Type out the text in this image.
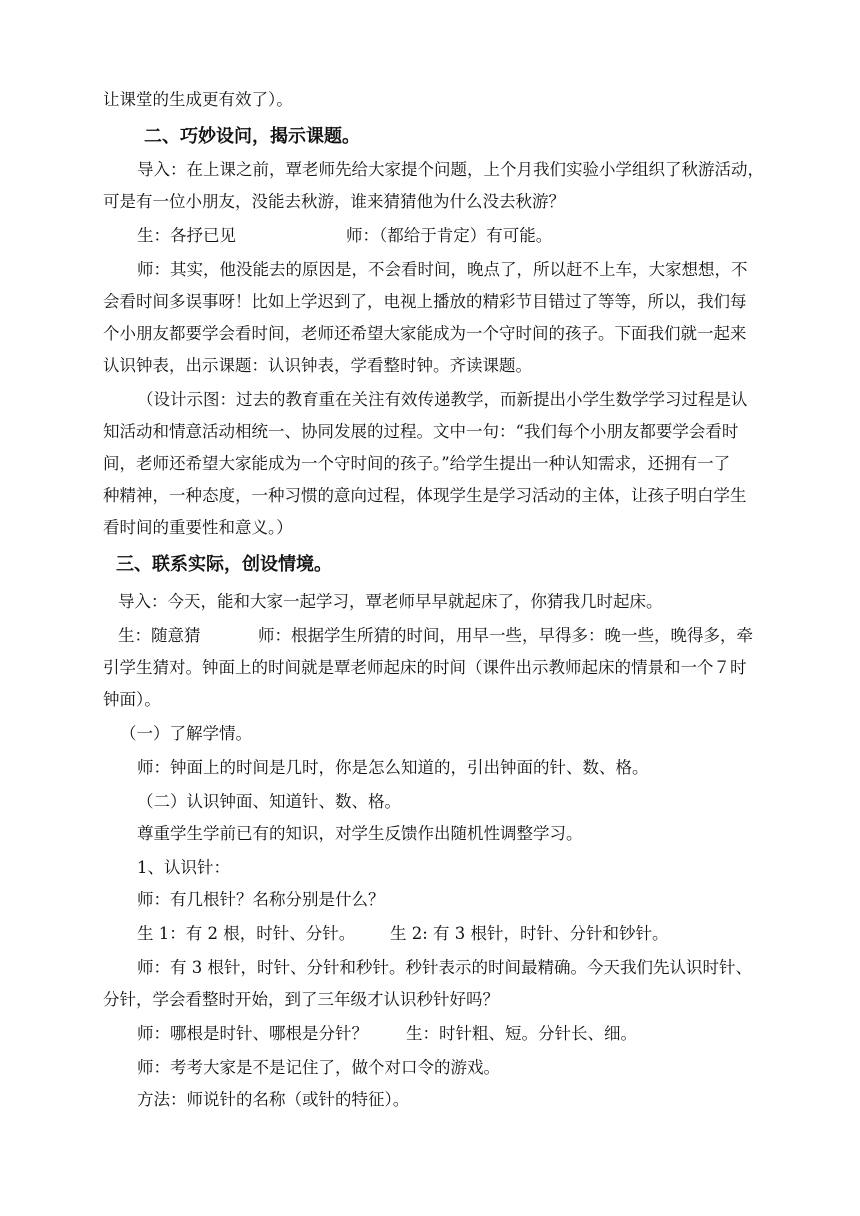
让课堂的生成更有效了）。
二、巧妙设问，揭示课题。
导入：在上课之前，覃老师先给大家提个问题，上个月我们实验小学组织了秋游活动，
可是有一位小朋友，没能去秋游，谁来猜猜他为什么没去秋游？
生：各抒已见	师：（都给于肯定）有可能。
师：其实，他没能去的原因是，不会看时间，晚点了，所以赶不上车，大家想想，不
会看时间多误事呀！比如上学迟到了，电视上播放的精彩节目错过了等等，所以，我们每
个小朋友都要学会看时间，老师还希望大家能成为一个守时间的孩子。下面我们就一起来
认识钟表，出示课题：认识钟表，学看整时钟。齐读课题。
（设计示图：过去的教育重在关注有效传递教学，而新提出小学生数学学习过程是认
知活动和情意活动相统一、协同发展的过程。文中一句：“我们每个小朋友都要学会看时
间，老师还希望大家能成为一个守时间的孩子。”给学生提出一种认知需求，还拥有一了
种精神，一种态度，一种习惯的意向过程，体现学生是学习活动的主体，让孩子明白学生
看时间的重要性和意义。）
三、联系实际，创设情境。
导入：今天，能和大家一起学习，覃老师早早就起床了，你猜我几时起床。
生：随意猜	师：根据学生所猜的时间，用早一些，早得多：晚一些，晚得多，牵
引学生猜对。钟面上的时间就是覃老师起床的时间（课件出示教师起床的情景和一个７时
钟面）。
（一）了解学情。
师：钟面上的时间是几时，你是怎么知道的，引出钟面的针、数、格。
（二）认识钟面、知道针、数、格。
尊重学生学前已有的知识，对学生反馈作出随机性调整学习。
1、认识针：
师：有几根针？名称分别是什么？
生 1：有 2 根，时针、分针。 生 2: 有 3 根针，时针、分针和钞针。
师：有 3 根针，时针、分针和秒针。秒针表示的时间最精确。今天我们先认识时针、
分针，学会看整时开始，到了三年级才认识秒针好吗？
师：哪根是时针、哪根是分针？ 生：时针粗、短。分针长、细。
师：考考大家是不是记住了，做个对口令的游戏。
方法：师说针的名称（或针的特征）。
